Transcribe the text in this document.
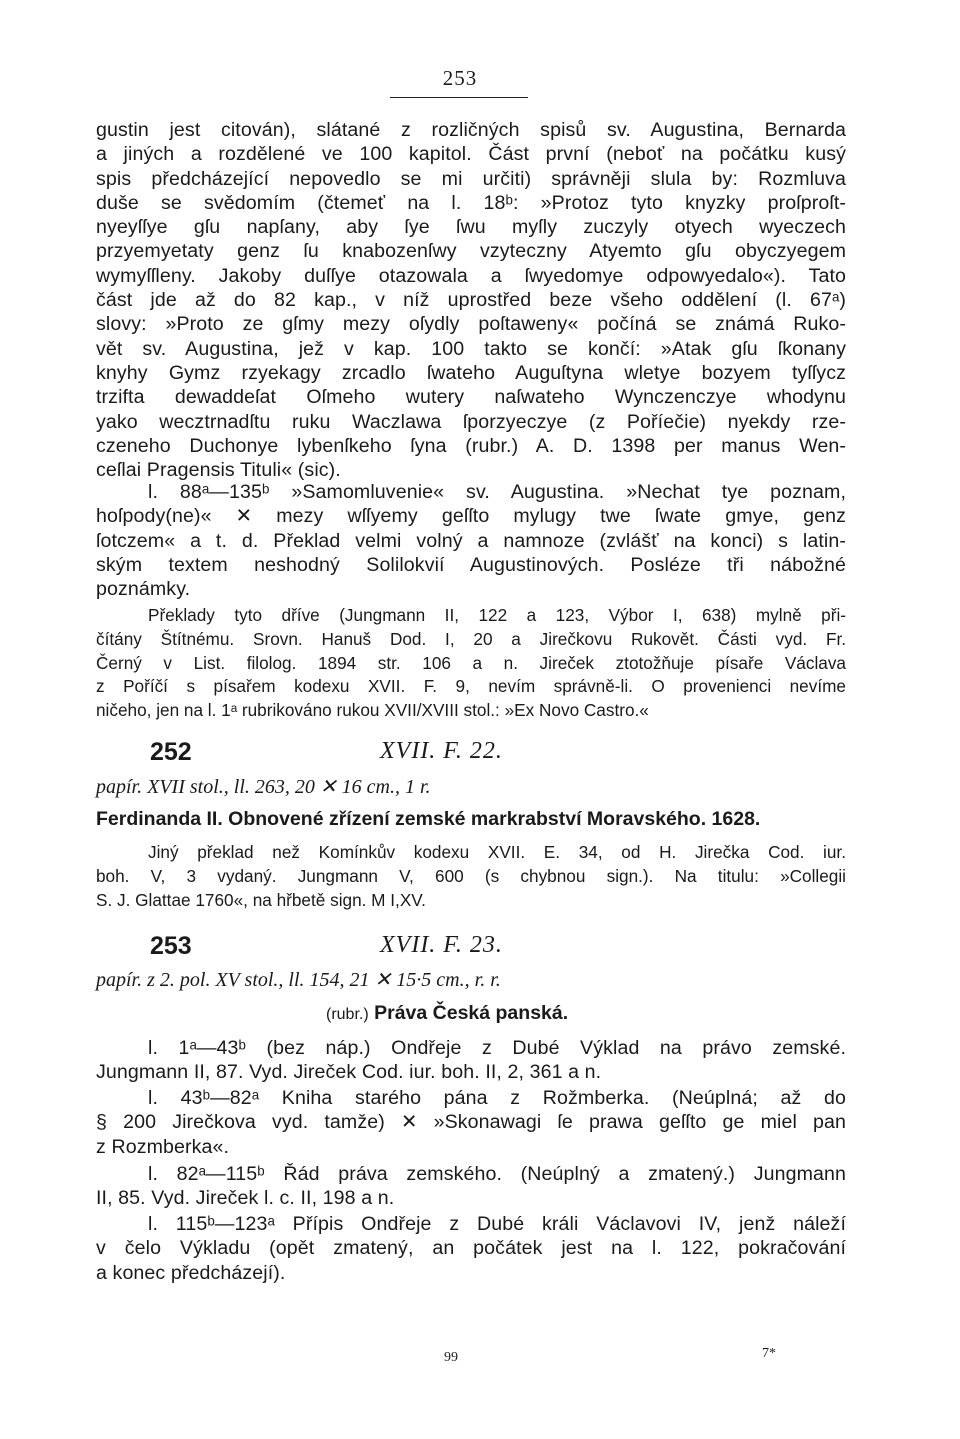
253
gustin jest citován), slátané z rozličných spisů sv. Augustina, Bernarda
a jiných a rozdělené ve 100 kapitol. Část první (neboť na počátku kusý
spis předcházející nepovedlo se mi určiti) správněji slula by: Rozmluva
duše se svědomím (čtemeť na l. 18ᵇ: »Protoz tyto knyzky proſproſt-
nyeyſſye gſu napſany, aby ſye ſwu myſly zuczyly otyech wyeczech
przyemyetaty genz ſu knabozenſwy vzyteczny Atyemto gſu obyczyegem
wymyſſleny. Jakoby duſſye otazowala a ſwyedomye odpowyedalo«). Tato
část jde až do 82 kap., v níž uprostřed beze všeho oddělení (l. 67ᵃ)
slovy: »Proto ze gſmy mezy oſydly poſtaweny« počíná se známá Ruko-
vět sv. Augustina, jež v kap. 100 takto se končí: »Atak gſu ſkonany
knyhy Gymz rzyekagy zrcadlo ſwateho Auguſtyna wletye bozyem tyſſycz
trzifta dewaddeſat Oſmeho wutery naſwateho Wynczenczye whodynu
yako wecztrnadſtu ruku Waczlawa ſporzyeczye (z Poříečie) nyekdy rze-
czeneho Duchonye lybenſkeho ſyna (rubr.) A. D. 1398 per manus Wen-
ceſlai Pragensis Tituli« (sic).
l. 88ᵃ—135ᵇ »Samomluvenie« sv. Augustina. »Nechat tye poznam,
hoſpody(ne)« ✕ mezy wſſyemy geſſto mylugy twe ſwate gmye, genz
ſotczem« a t. d. Překlad velmi volný a namnoze (zvlášť na konci) s latin-
ským textem neshodný Solilokvií Augustinových. Posléze tři nábožné
poznámky.
Překlady tyto dříve (Jungmann II, 122 a 123, Výbor I, 638) mylně při-
čítány Štítnému. Srovn. Hanuš Dod. I, 20 a Jirečkovu Rukovět. Části vyd. Fr.
Černý v List. filolog. 1894 str. 106 a n. Jireček ztotožňuje písaře Václava
z Poříčí s písařem kodexu XVII. F. 9, nevím správně-li. O provenienci nevíme
ničeho, jen na l. 1ᵃ rubrikováno rukou XVII/XVIII stol.: »Ex Novo Castro.«
252	XVII. F. 22.
papír. XVII stol., ll. 263, 20 ✕ 16 cm., 1 r.
Ferdinanda II. Obnovené zřízení zemské markrabství Moravského. 1628.
Jiný překlad než Komínkův kodexu XVII. E. 34, od H. Jirečka Cod. iur.
boh. V, 3 vydaný. Jungmann V, 600 (s chybnou sign.). Na titulu: »Collegii
S. J. Glattae 1760«, na hřbetě sign. M I,XV.
253	XVII. F. 23.
papír. z 2. pol. XV stol., ll. 154, 21 ✕ 15·5 cm., r. r.
(rubr.) Práva Česká panská.
l. 1ᵃ—43ᵇ (bez náp.) Ondřeje z Dubé Výklad na právo zemské.
Jungmann II, 87. Vyd. Jireček Cod. iur. boh. II, 2, 361 a n.
l. 43ᵇ—82ᵃ Kniha starého pána z Rožmberka. (Neúplná; až do
§ 200 Jirečkova vyd. tamže) ✕ »Skonawagi ſe prawa geſſto ge miel pan
z Rozmberka«.
l. 82ᵃ—115ᵇ Řád práva zemského. (Neúplný a zmatený.) Jungmann
II, 85. Vyd. Jireček l. c. II, 198 a n.
l. 115ᵇ—123ᵃ Přípis Ondřeje z Dubé králi Václavovi IV, jenž náleží
v čelo Výkladu (opět zmatený, an počátek jest na l. 122, pokračování
a konec předcházejí).
99	7*
